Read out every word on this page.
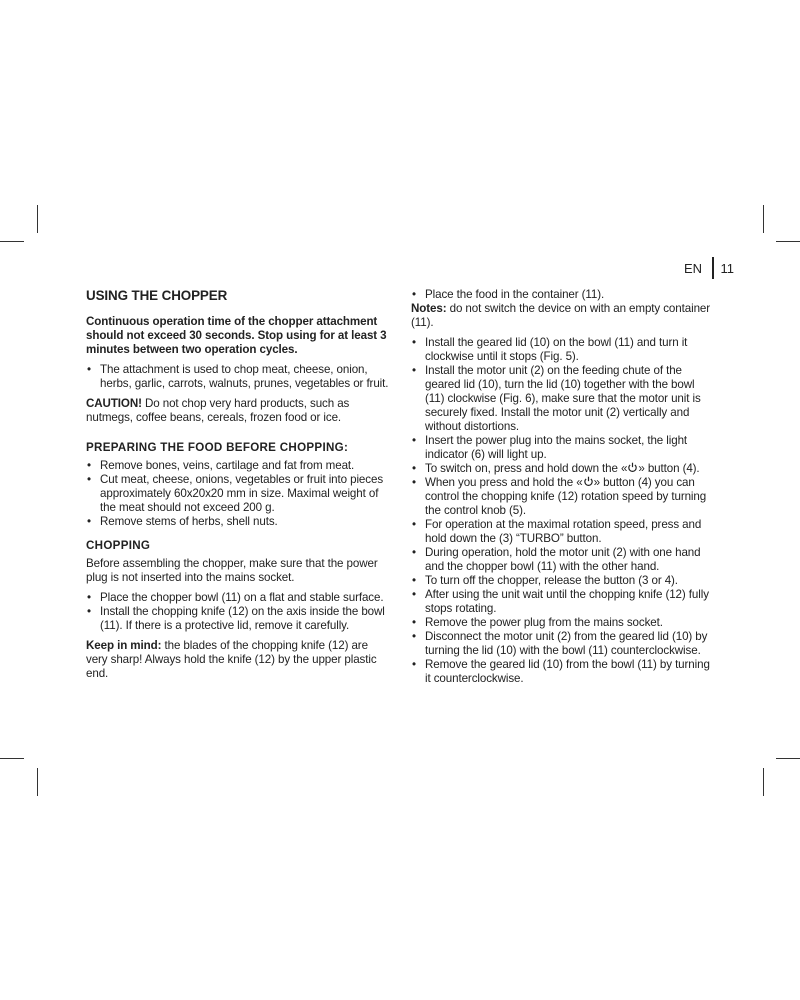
EN 11
USING THE CHOPPER

Continuous operation time of the chopper attachment should not exceed 30 seconds. Stop using for at least 3 minutes between two operation cycles.

• The attachment is used to chop meat, cheese, onion, herbs, garlic, carrots, walnuts, prunes, vegetables or fruit.

CAUTION! Do not chop very hard products, such as nutmegs, coffee beans, cereals, frozen food or ice.

PREPARING THE FOOD BEFORE CHOPPING:
• Remove bones, veins, cartilage and fat from meat.
• Cut meat, cheese, onions, vegetables or fruit into pieces approximately 60x20x20 mm in size. Maximal weight of the meat should not exceed 200 g.
• Remove stems of herbs, shell nuts.
CHOPPING

Before assembling the chopper, make sure that the power plug is not inserted into the mains socket.

• Place the chopper bowl (11) on a flat and stable surface.
• Install the chopping knife (12) on the axis inside the bowl (11). If there is a protective lid, remove it carefully.

Keep in mind: the blades of the chopping knife (12) are very sharp! Always hold the knife (12) by the upper plastic end.

• Place the food in the container (11).

Notes: do not switch the device on with an empty container (11).

• Install the geared lid (10) on the bowl (11) and turn it clockwise until it stops (Fig. 5).
• Install the motor unit (2) on the feeding chute of the geared lid (10), turn the lid (10) together with the bowl (11) clockwise (Fig. 6), make sure that the motor unit is securely fixed. Install the motor unit (2) vertically and without distortions.
• Insert the power plug into the mains socket, the light indicator (6) will light up.
• To switch on, press and hold down the « » button (4).
• When you press and hold the « » button (4) you can control the chopping knife (12) rotation speed by turning the control knob (5).
• For operation at the maximal rotation speed, press and hold down the (3) “TURBO” button.
• During operation, hold the motor unit (2) with one hand and the chopper bowl (11) with the other hand.
• To turn off the chopper, release the button (3 or 4).
• After using the unit wait until the chopping knife (12) fully stops rotating.
• Remove the power plug from the mains socket.
• Disconnect the motor unit (2) from the geared lid (10) by turning the lid (10) with the bowl (11) counterclockwise.
• Remove the geared lid (10) from the bowl (11) by turning it counterclockwise.
